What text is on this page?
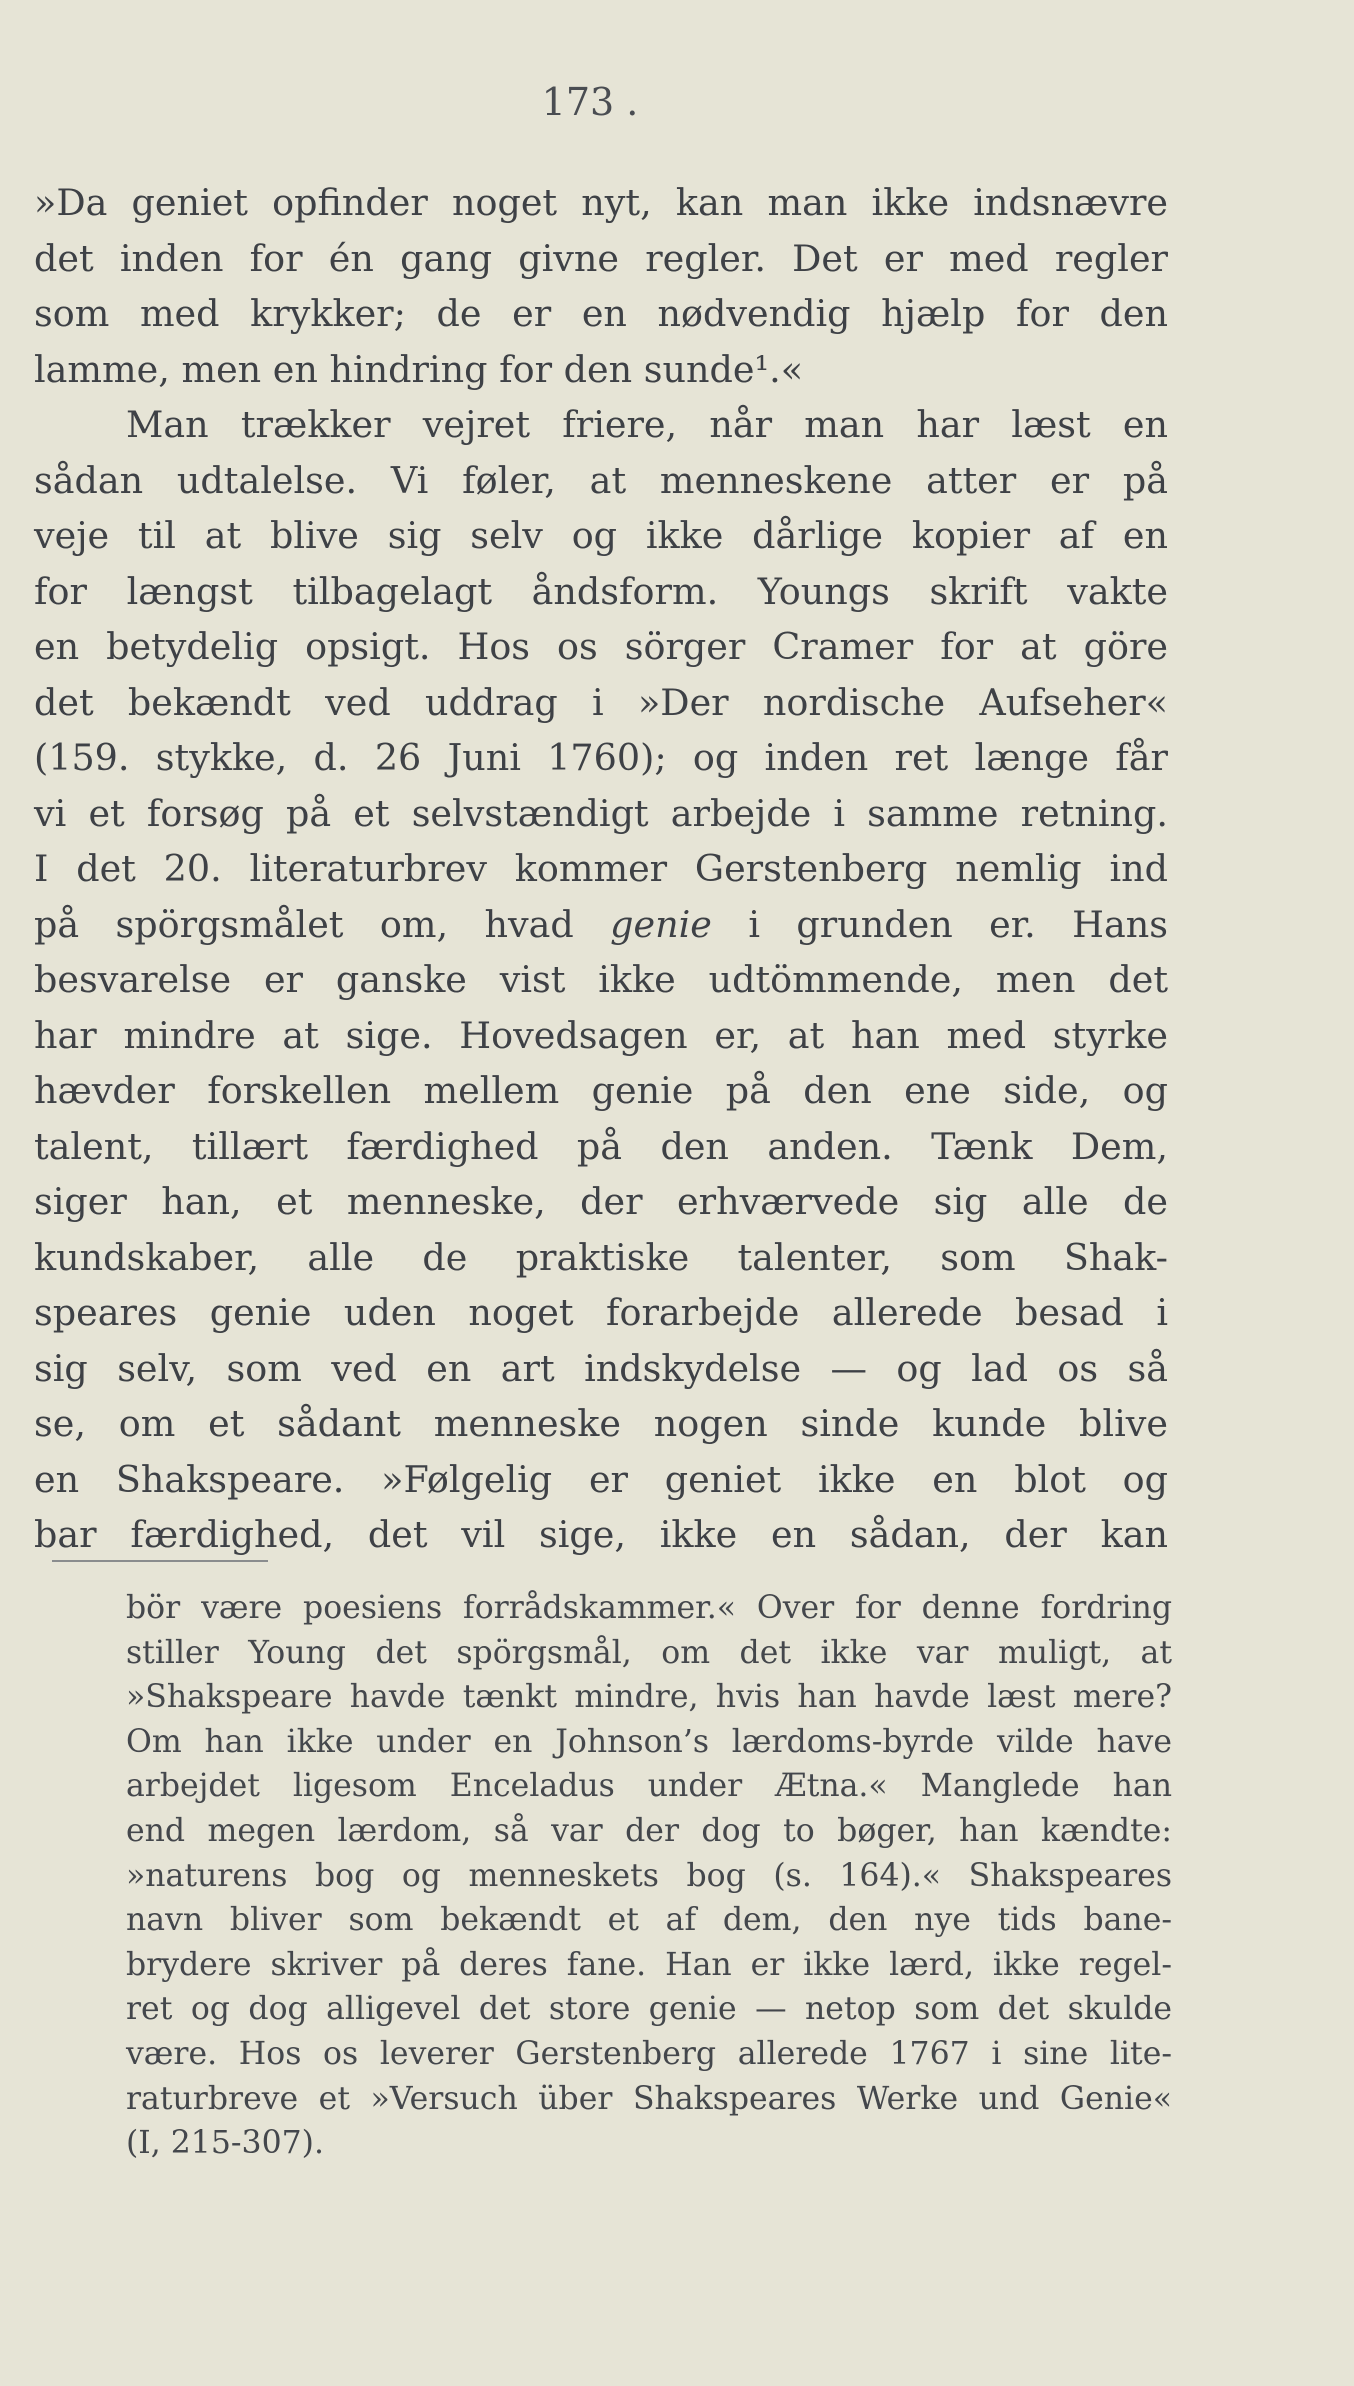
173 .
»Da geniet opfinder noget nyt, kan man ikke indsnævre
det inden for én gang givne regler. Det er med regler
som med krykker; de er en nødvendig hjælp for den
lamme, men en hindring for den sunde¹.«
Man trækker vejret friere, når man har læst en
sådan udtalelse. Vi føler, at menneskene atter er på
veje til at blive sig selv og ikke dårlige kopier af en
for længst tilbagelagt åndsform. Youngs skrift vakte
en betydelig opsigt. Hos os sörger Cramer for at göre
det bekændt ved uddrag i »Der nordische Aufseher«
(159. stykke, d. 26 Juni 1760); og inden ret længe får
vi et forsøg på et selvstændigt arbejde i samme retning.
I det 20. literaturbrev kommer Gerstenberg nemlig ind
på spörgsmålet om, hvad genie i grunden er. Hans
besvarelse er ganske vist ikke udtömmende, men det
har mindre at sige. Hovedsagen er, at han med styrke
hævder forskellen mellem genie på den ene side, og
talent, tillært færdighed på den anden. Tænk Dem,
siger han, et menneske, der erhværvede sig alle de
kundskaber, alle de praktiske talenter, som Shak-
speares genie uden noget forarbejde allerede besad i
sig selv, som ved en art indskydelse — og lad os så
se, om et sådant menneske nogen sinde kunde blive
en Shakspeare. »Følgelig er geniet ikke en blot og
bar færdighed, det vil sige, ikke en sådan, der kan
bör være poesiens forrådskammer.« Over for denne fordring
stiller Young det spörgsmål, om det ikke var muligt, at
»Shakspeare havde tænkt mindre, hvis han havde læst mere?
Om han ikke under en Johnson’s lærdoms-byrde vilde have
arbejdet ligesom Enceladus under Ætna.« Manglede han
end megen lærdom, så var der dog to bøger, han kændte:
»naturens bog og menneskets bog (s. 164).« Shakspeares
navn bliver som bekændt et af dem, den nye tids bane-
brydere skriver på deres fane. Han er ikke lærd, ikke regel-
ret og dog alligevel det store genie — netop som det skulde
være. Hos os leverer Gerstenberg allerede 1767 i sine lite-
raturbreve et »Versuch über Shakspeares Werke und Genie«
(I, 215-307).
